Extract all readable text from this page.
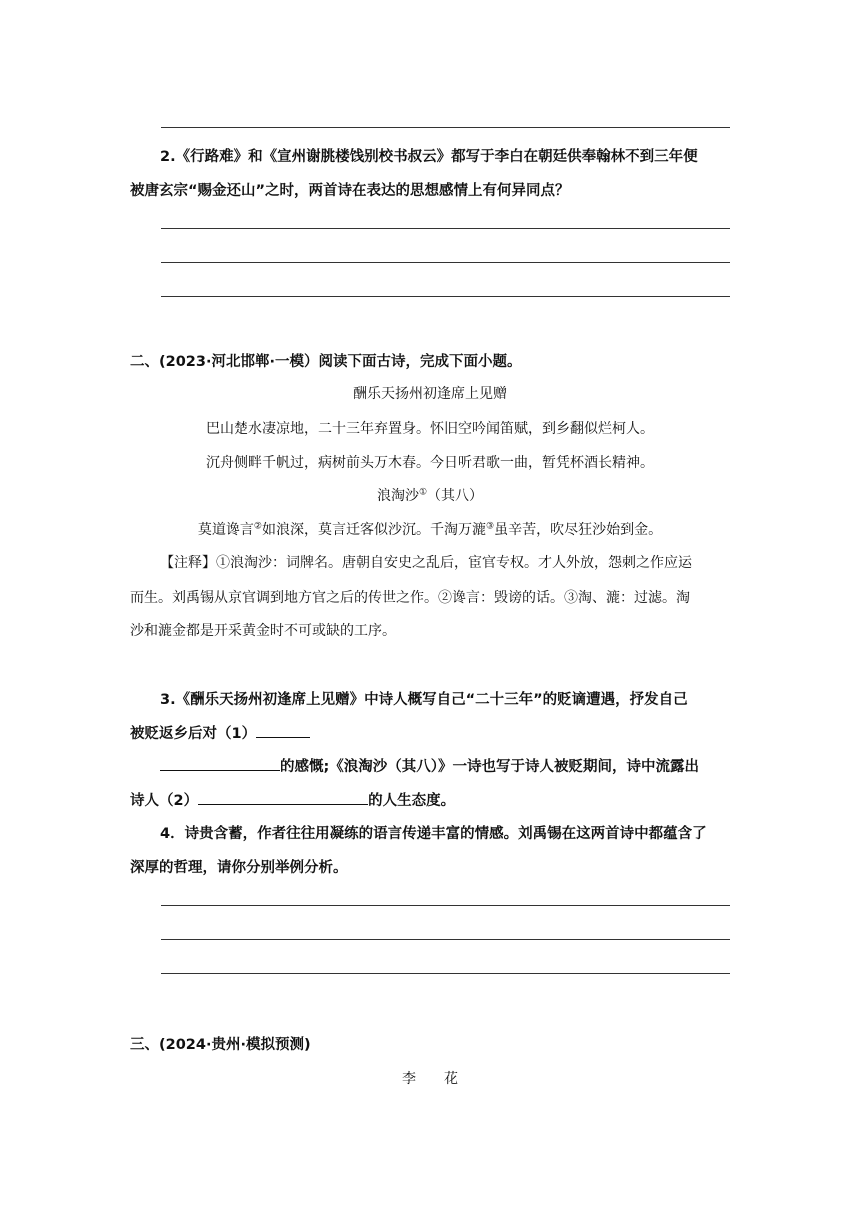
2.《行路难》和《宣州谢朓楼饯别校书叔云》都写于李白在朝廷供奉翰林不到三年便
被唐玄宗“赐金还山”之时，两首诗在表达的思想感情上有何异同点？
二、(2023·河北邯郸·一模）阅读下面古诗，完成下面小题。
酬乐天扬州初逢席上见赠
巴山楚水凄凉地，二十三年弃置身。怀旧空吟闻笛赋，到乡翻似烂柯人。
沉舟侧畔千帆过，病树前头万木春。今日听君歌一曲，暂凭杯酒长精神。
浪淘沙①（其八）
莫道谗言②如浪深，莫言迁客似沙沉。千淘万漉③虽辛苦，吹尽狂沙始到金。
【注释】①浪淘沙：词牌名。唐朝自安史之乱后，宦官专权。才人外放，怨刺之作应运
而生。刘禹锡从京官调到地方官之后的传世之作。②谗言：毁谤的话。③淘、漉：过滤。淘
沙和漉金都是开采黄金时不可或缺的工序。
3.《酬乐天扬州初逢席上见赠》中诗人概写自己“二十三年”的贬谪遭遇，抒发自己
被贬返乡后对（1）
的感慨;《浪淘沙（其八）》一诗也写于诗人被贬期间，诗中流露出
诗人（2）	的人生态度。
4．诗贵含蓄，作者往往用凝练的语言传递丰富的情感。刘禹锡在这两首诗中都蕴含了
深厚的哲理，请你分别举例分析。
三、(2024·贵州·模拟预测)
李　　花
